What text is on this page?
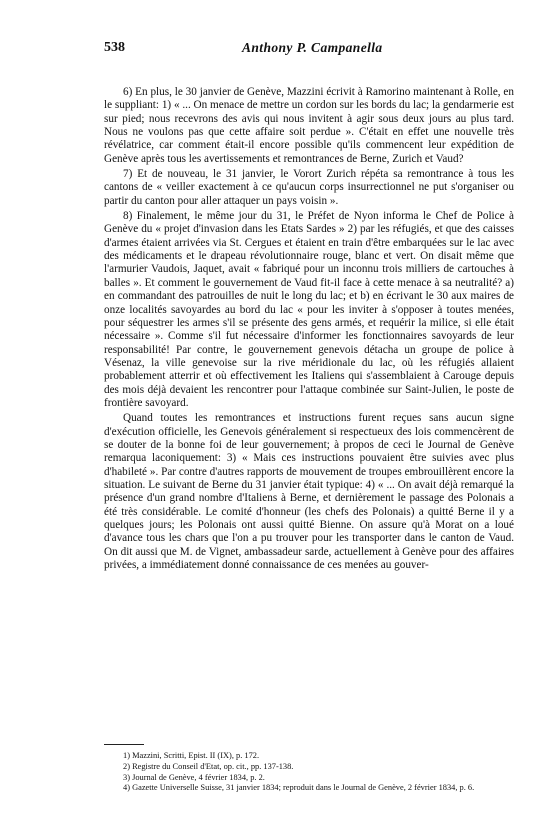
538	Anthony P. Campanella

6) En plus, le 30 janvier de Genève, Mazzini écrivit à Ramorino maintenant à Rolle, en le suppliant: 1) « ... On menace de mettre un cordon sur les bords du lac; la gendarmerie est sur pied; nous recevrons des avis qui nous invitent à agir sous deux jours au plus tard. Nous ne voulons pas que cette affaire soit perdue ». C'était en effet une nouvelle très révélatrice, car comment était-il encore possible qu'ils commencent leur expédition de Genève après tous les avertissements et remontrances de Berne, Zurich et Vaud?

7) Et de nouveau, le 31 janvier, le Vorort Zurich répéta sa remontrance à tous les cantons de « veiller exactement à ce qu'aucun corps insurrectionnel ne put s'organiser ou partir du canton pour aller attaquer un pays voisin ».

8) Finalement, le même jour du 31, le Préfet de Nyon informa le Chef de Police à Genève du « projet d'invasion dans les Etats Sardes » 2) par les réfugiés, et que des caisses d'armes étaient arrivées via St. Cergues et étaient en train d'être embarquées sur le lac avec des médicaments et le drapeau révolutionnaire rouge, blanc et vert. On disait même que l'armurier Vaudois, Jaquet, avait « fabriqué pour un inconnu trois milliers de cartouches à balles ». Et comment le gouvernement de Vaud fit-il face à cette menace à sa neutralité? a) en commandant des patrouilles de nuit le long du lac; et b) en écrivant le 30 aux maires de onze localités savoyardes au bord du lac « pour les inviter à s'opposer à toutes menées, pour séquestrer les armes s'il se présente des gens armés, et requérir la milice, si elle était nécessaire ». Comme s'il fut nécessaire d'informer les fonctionnaires savoyards de leur responsabilité! Par contre, le gouvernement genevois détacha un groupe de police à Vésenaz, la ville genevoise sur la rive méridionale du lac, où les réfugiés allaient probablement atterrir et où effectivement les Italiens qui s'assemblaient à Carouge depuis des mois déjà devaient les rencontrer pour l'attaque combinée sur Saint-Julien, le poste de frontière savoyard.

Quand toutes les remontrances et instructions furent reçues sans aucun signe d'exécution officielle, les Genevois généralement si respectueux des lois commencèrent de se douter de la bonne foi de leur gouvernement; à propos de ceci le Journal de Genève remarqua laconiquement: 3) « Mais ces instructions pouvaient être suivies avec plus d'habileté ». Par contre d'autres rapports de mouvement de troupes embrouillèrent encore la situation. Le suivant de Berne du 31 janvier était typique: 4) « ... On avait déjà remarqué la présence d'un grand nombre d'Italiens à Berne, et dernièrement le passage des Polonais a été très considérable. Le comité d'honneur (les chefs des Polonais) a quitté Berne il y a quelques jours; les Polonais ont aussi quitté Bienne. On assure qu'à Morat on a loué d'avance tous les chars que l'on a pu trouver pour les transporter dans le canton de Vaud. On dit aussi que M. de Vignet, ambassadeur sarde, actuellement à Genève pour des affaires privées, a immédiatement donné connaissance de ces menées au gouver-

1) Mazzini, Scritti, Epist. II (IX), p. 172.

2) Registre du Conseil d'Etat, op. cit., pp. 137-138.

3) Journal de Genève, 4 février 1834, p. 2.

4) Gazette Universelle Suisse, 31 janvier 1834; reproduit dans le Journal de Genève, 2 février 1834, p. 6.
